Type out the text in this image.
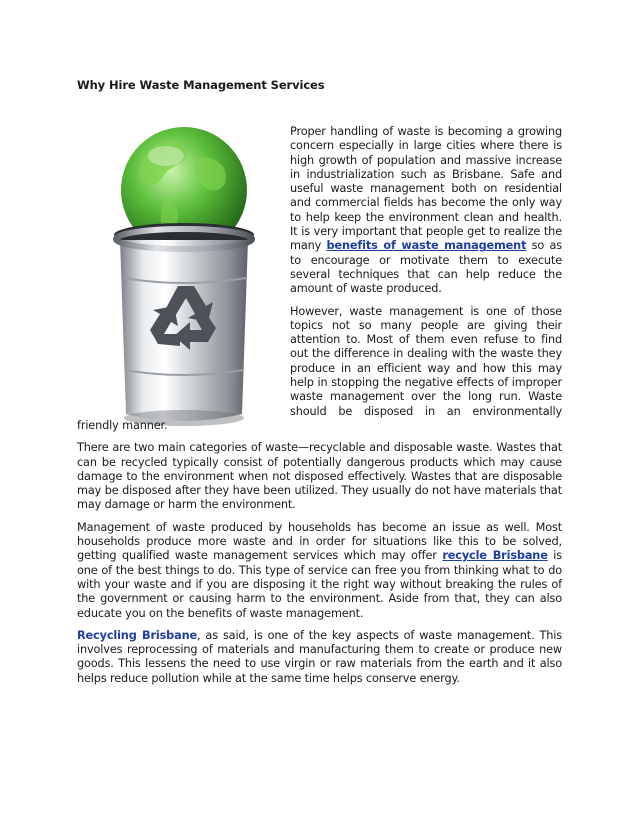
Why Hire Waste Management Services

Proper handling of waste is becoming a growing concern especially in large cities where there is high growth of population and massive increase in industrialization such as Brisbane. Safe and useful waste management both on residential and commercial fields has become the only way to help keep the environment clean and health. It is very important that people get to realize the many benefits of waste management so as to encourage or motivate them to execute several techniques that can help reduce the amount of waste produced.

However, waste management is one of those topics not so many people are giving their attention to. Most of them even refuse to find out the difference in dealing with the waste they produce in an efficient way and how this may help in stopping the negative effects of improper waste management over the long run. Waste should be disposed in an environmentally friendly manner.

There are two main categories of waste—recyclable and disposable waste. Wastes that can be recycled typically consist of potentially dangerous products which may cause damage to the environment when not disposed effectively. Wastes that are disposable may be disposed after they have been utilized. They usually do not have materials that may damage or harm the environment.

Management of waste produced by households has become an issue as well. Most households produce more waste and in order for situations like this to be solved, getting qualified waste management services which may offer recycle Brisbane is one of the best things to do. This type of service can free you from thinking what to do with your waste and if you are disposing it the right way without breaking the rules of the government or causing harm to the environment. Aside from that, they can also educate you on the benefits of waste management.

Recycling Brisbane, as said, is one of the key aspects of waste management. This involves reprocessing of materials and manufacturing them to create or produce new goods. This lessens the need to use virgin or raw materials from the earth and it also helps reduce pollution while at the same time helps conserve energy.
